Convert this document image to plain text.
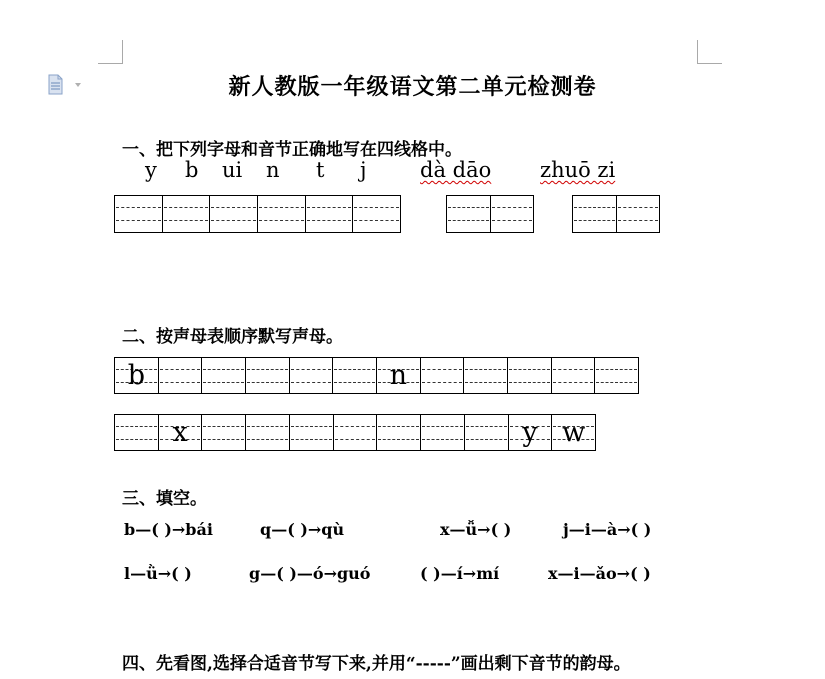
新人教版一年级语文第二单元检测卷
一、把下列字母和音节正确地写在四线格中。
y b ui n t j	dà dāo zhuō zi
二、按声母表顺序默写声母。
b	n
x	y w
三、填空。
b—( )→bái	q—( )→qù	x—ǚ→( )	j—i—à→( )
l—ǜ→( )	g—( )—ó→guó	( )—í→mí	x—i—ǎo→( )
四、先看图,选择合适音节写下来,并用“-----”画出剩下音节的韵母。
